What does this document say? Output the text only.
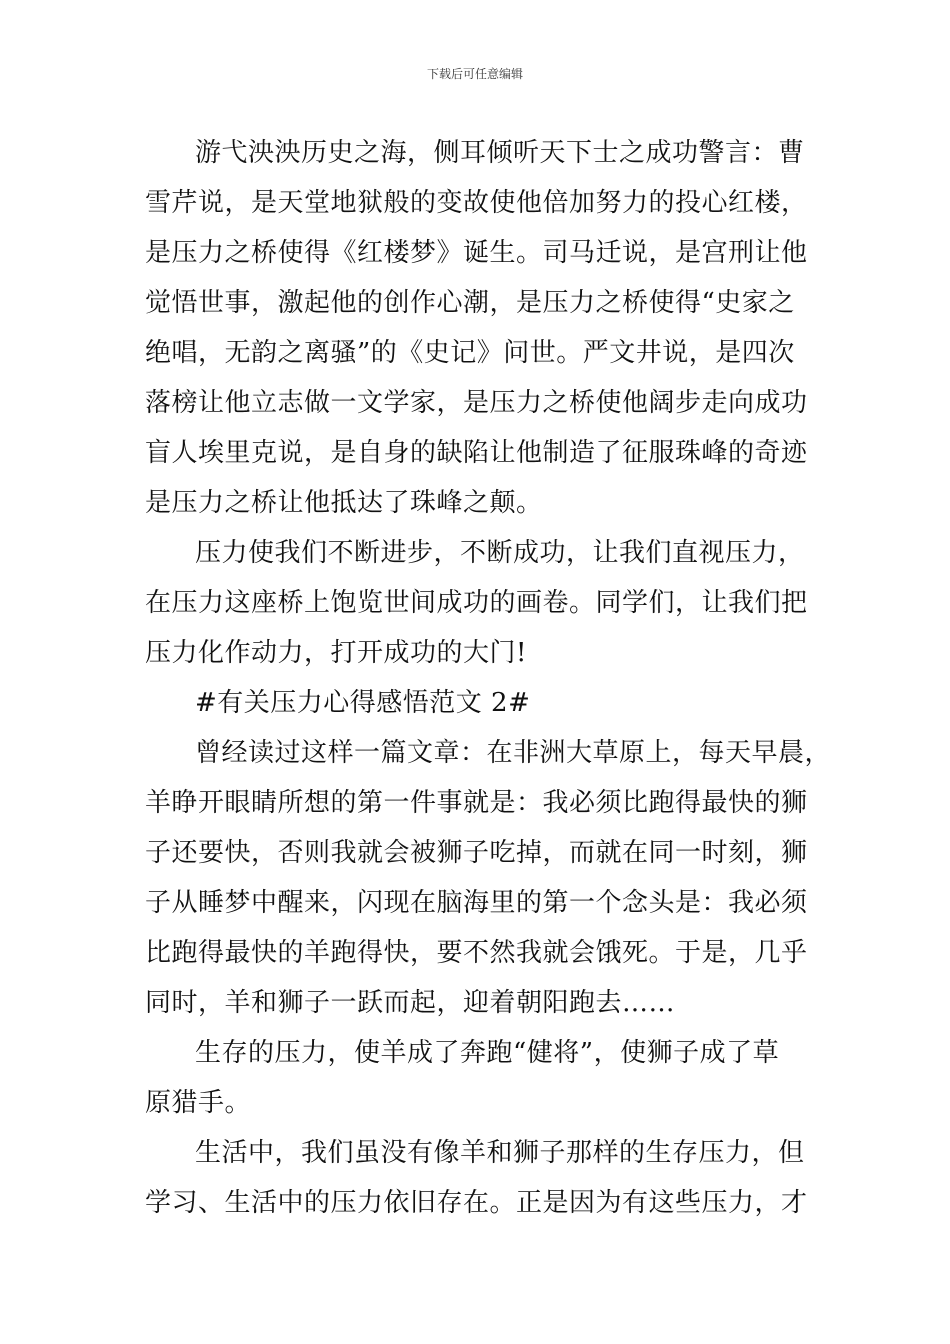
下载后可任意编辑
游弋泱泱历史之海，侧耳倾听天下士之成功警言：曹
雪芹说，是天堂地狱般的变故使他倍加努力的投心红楼，
是压力之桥使得《红楼梦》诞生。司马迁说，是宫刑让他
觉悟世事，激起他的创作心潮，是压力之桥使得“史家之
绝唱，无韵之离骚”的《史记》问世。严文井说，是四次
落榜让他立志做一文学家，是压力之桥使他阔步走向成功
盲人埃里克说，是自身的缺陷让他制造了征服珠峰的奇迹
是压力之桥让他抵达了珠峰之颠。
压力使我们不断进步，不断成功，让我们直视压力，
在压力这座桥上饱览世间成功的画卷。同学们，让我们把
压力化作动力，打开成功的大门!
#有关压力心得感悟范文 2#
曾经读过这样一篇文章：在非洲大草原上，每天早晨，
羊睁开眼睛所想的第一件事就是：我必须比跑得最快的狮
子还要快，否则我就会被狮子吃掉，而就在同一时刻，狮
子从睡梦中醒来，闪现在脑海里的第一个念头是：我必须
比跑得最快的羊跑得快，要不然我就会饿死。于是，几乎
同时，羊和狮子一跃而起，迎着朝阳跑去……
生存的压力，使羊成了奔跑“健将”，使狮子成了草
原猎手。
生活中，我们虽没有像羊和狮子那样的生存压力，但
学习、生活中的压力依旧存在。正是因为有这些压力，才
